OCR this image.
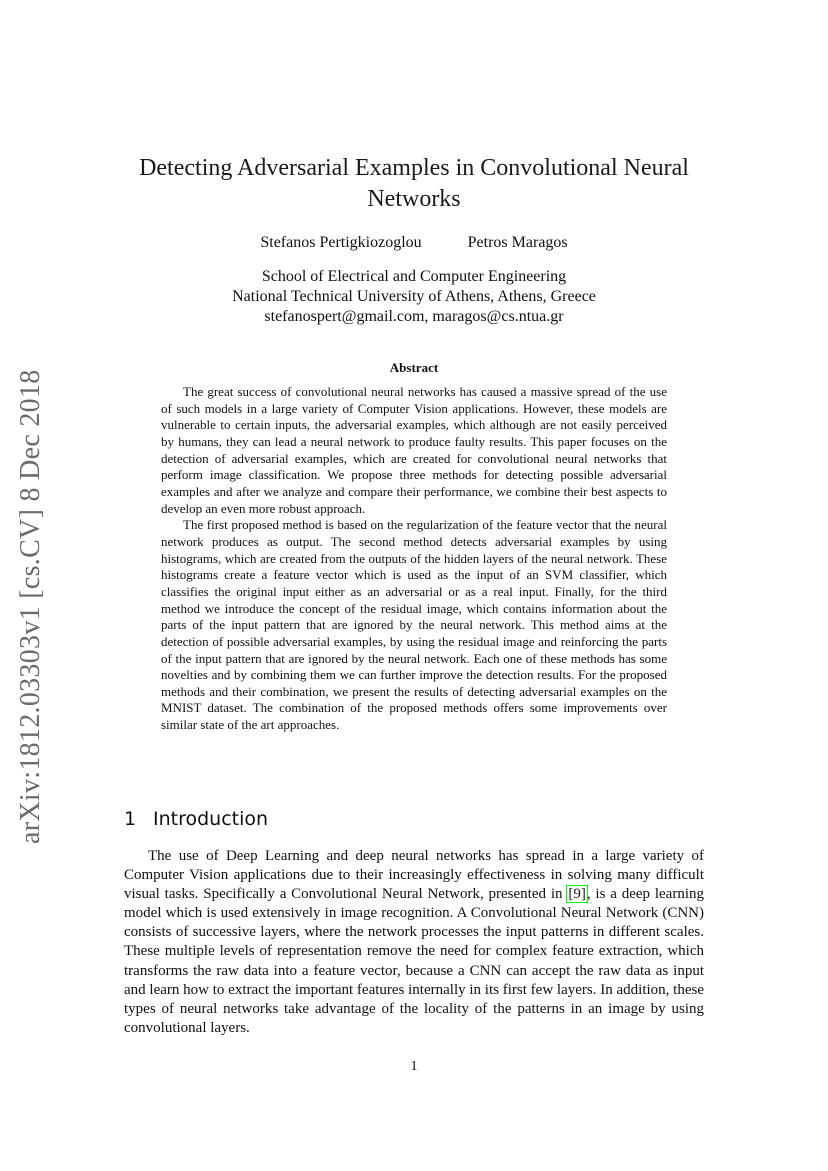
arXiv:1812.03303v1 [cs.CV] 8 Dec 2018
Detecting Adversarial Examples in Convolutional Neural Networks
Stefanos Pertigkiozoglou	Petros Maragos
School of Electrical and Computer Engineering
National Technical University of Athens, Athens, Greece
stefanospert@gmail.com, maragos@cs.ntua.gr
Abstract

The great success of convolutional neural networks has caused a massive spread of the use of such models in a large variety of Computer Vision applications. However, these models are vulnerable to certain inputs, the adversarial examples, which although are not easily perceived by humans, they can lead a neural network to produce faulty results. This paper focuses on the detection of adversarial examples, which are created for convolutional neural networks that perform image classification. We propose three methods for detecting possible adversarial examples and after we analyze and compare their performance, we combine their best aspects to develop an even more robust approach.

The first proposed method is based on the regularization of the feature vector that the neural network produces as output. The second method detects adversarial examples by using histograms, which are created from the outputs of the hidden layers of the neural network. These histograms create a feature vector which is used as the input of an SVM classifier, which classifies the original input either as an adversarial or as a real input. Finally, for the third method we introduce the concept of the residual image, which contains information about the parts of the input pattern that are ignored by the neural network. This method aims at the detection of possible adversarial examples, by using the residual image and reinforcing the parts of the input pattern that are ignored by the neural network. Each one of these methods has some novelties and by combining them we can further improve the detection results. For the proposed methods and their combination, we present the results of detecting adversarial examples on the MNIST dataset. The combination of the proposed methods offers some improvements over similar state of the art approaches.

1 Introduction

The use of Deep Learning and deep neural networks has spread in a large variety of Computer Vision applications due to their increasingly effectiveness in solving many difficult visual tasks. Specifically a Convolutional Neural Network, presented in [9], is a deep learning model which is used extensively in image recognition. A Convolutional Neural Network (CNN) consists of successive layers, where the network processes the input patterns in different scales. These multiple levels of representation remove the need for complex feature extraction, which transforms the raw data into a feature vector, because a CNN can accept the raw data as input and learn how to extract the important features internally in its first few layers. In addition, these types of neural networks take advantage of the locality of the patterns in an image by using convolutional layers.

1
